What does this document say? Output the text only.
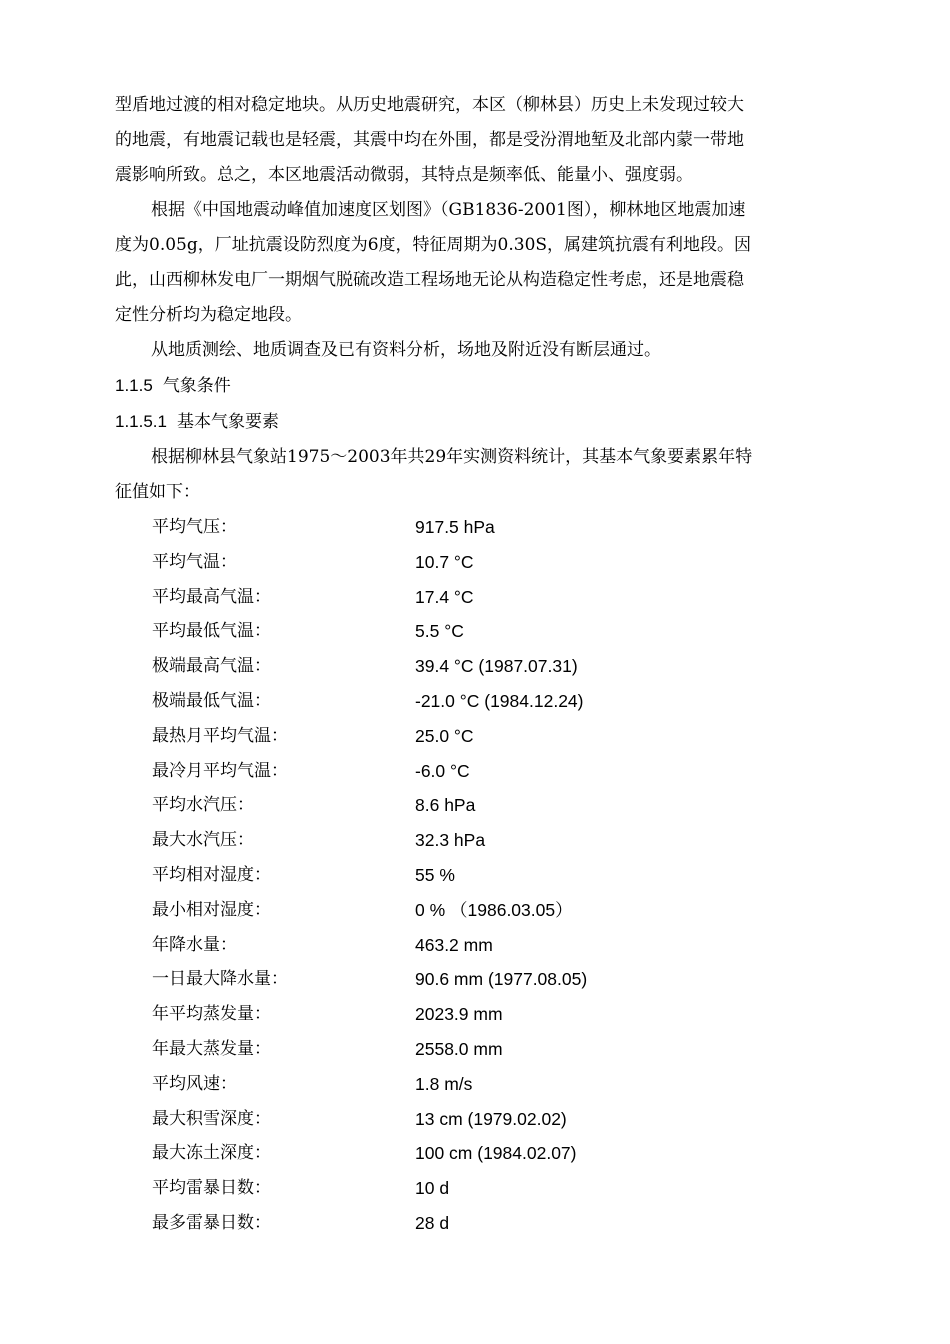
型盾地过渡的相对稳定地块。从历史地震研究，本区（柳林县）历史上未发现过较大
的地震，有地震记载也是轻震，其震中均在外围，都是受汾渭地堑及北部内蒙一带地
震影响所致。总之，本区地震活动微弱，其特点是频率低、能量小、强度弱。

根据《中国地震动峰值加速度区划图》（GB1836-2001图），柳林地区地震加速
度为0.05g，厂址抗震设防烈度为6度，特征周期为0.30S，属建筑抗震有利地段。因
此，山西柳林发电厂一期烟气脱硫改造工程场地无论从构造稳定性考虑，还是地震稳
定性分析均为稳定地段。

从地质测绘、地质调查及已有资料分析，场地及附近没有断层通过。

1.1.5 气象条件
1.1.5.1 基本气象要素

根据柳林县气象站1975～2003年共29年实测资料统计，其基本气象要素累年特
征值如下：

平均气压：	917.5 hPa
平均气温：	10.7 °C
平均最高气温：	17.4 °C
平均最低气温：	5.5 °C
极端最高气温：	39.4 °C (1987.07.31)
极端最低气温：	-21.0 °C (1984.12.24)
最热月平均气温：	25.0 °C
最冷月平均气温：	-6.0 °C
平均水汽压：	8.6 hPa
最大水汽压：	32.3 hPa
平均相对湿度：	55 %
最小相对湿度：	0 % （1986.03.05）
年降水量：	463.2 mm
一日最大降水量：	90.6 mm (1977.08.05)
年平均蒸发量：	2023.9 mm
年最大蒸发量：	2558.0 mm
平均风速：	1.8 m/s
最大积雪深度：	13 cm (1979.02.02)
最大冻土深度：	100 cm (1984.02.07)
平均雷暴日数：	10 d
最多雷暴日数：	28 d
